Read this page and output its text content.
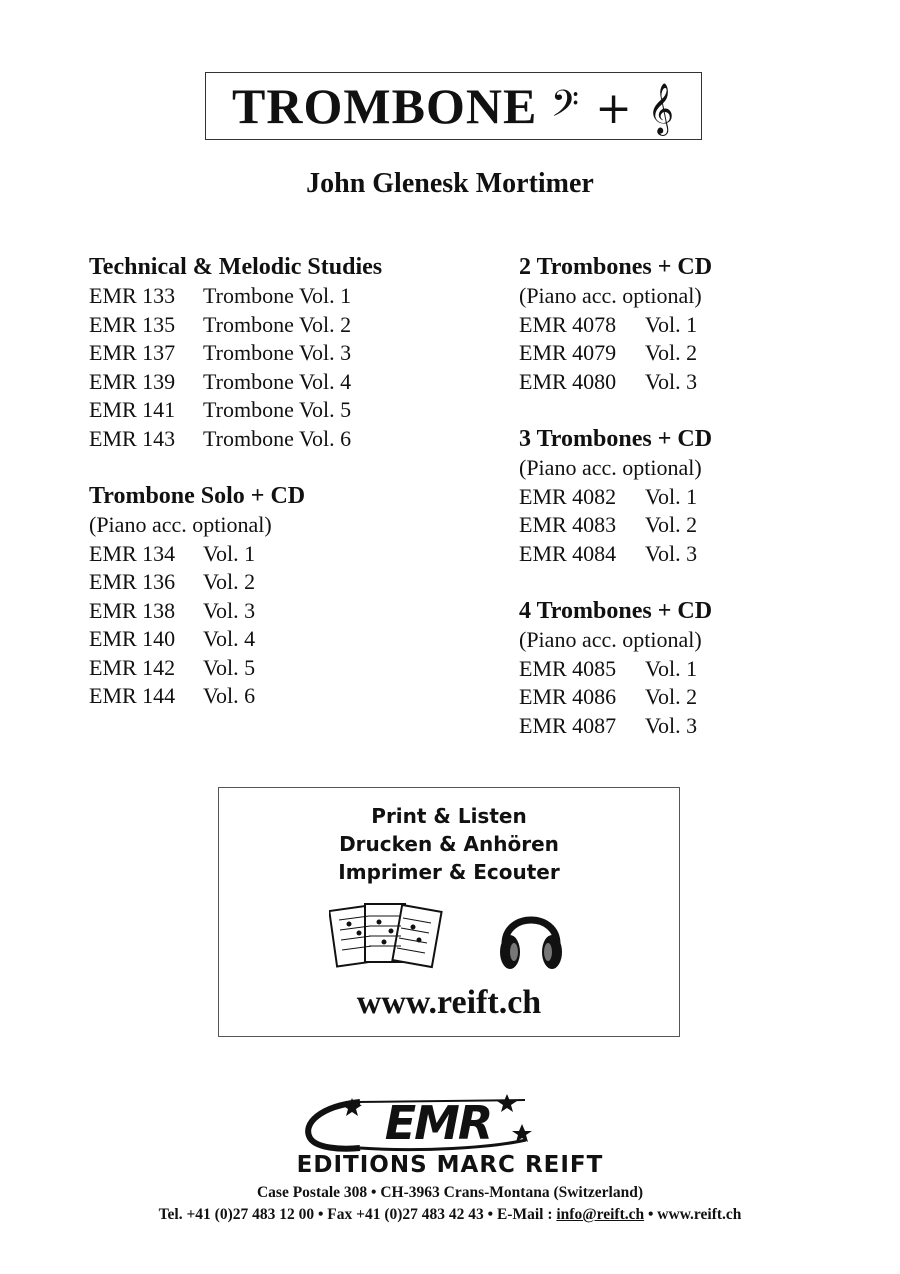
TROMBONE 𝄢 + 𝄞
John Glenesk Mortimer
Technical & Melodic Studies
EMR 133 Trombone Vol. 1
EMR 135 Trombone Vol. 2
EMR 137 Trombone Vol. 3
EMR 139 Trombone Vol. 4
EMR 141 Trombone Vol. 5
EMR 143 Trombone Vol. 6
Trombone Solo + CD
(Piano acc. optional)
EMR 134 Vol. 1
EMR 136 Vol. 2
EMR 138 Vol. 3
EMR 140 Vol. 4
EMR 142 Vol. 5
EMR 144 Vol. 6
2 Trombones + CD
(Piano acc. optional)
EMR 4078 Vol. 1
EMR 4079 Vol. 2
EMR 4080 Vol. 3
3 Trombones + CD
(Piano acc. optional)
EMR 4082 Vol. 1
EMR 4083 Vol. 2
EMR 4084 Vol. 3
4 Trombones + CD
(Piano acc. optional)
EMR 4085 Vol. 1
EMR 4086 Vol. 2
EMR 4087 Vol. 3
Print & Listen
Drucken & Anhören
Imprimer & Ecouter
www.reift.ch
EMR
EDITIONS MARC REIFT
Case Postale 308 • CH-3963 Crans-Montana (Switzerland)
Tel. +41 (0)27 483 12 00 • Fax +41 (0)27 483 42 43 • E-Mail : info@reift.ch • www.reift.ch
